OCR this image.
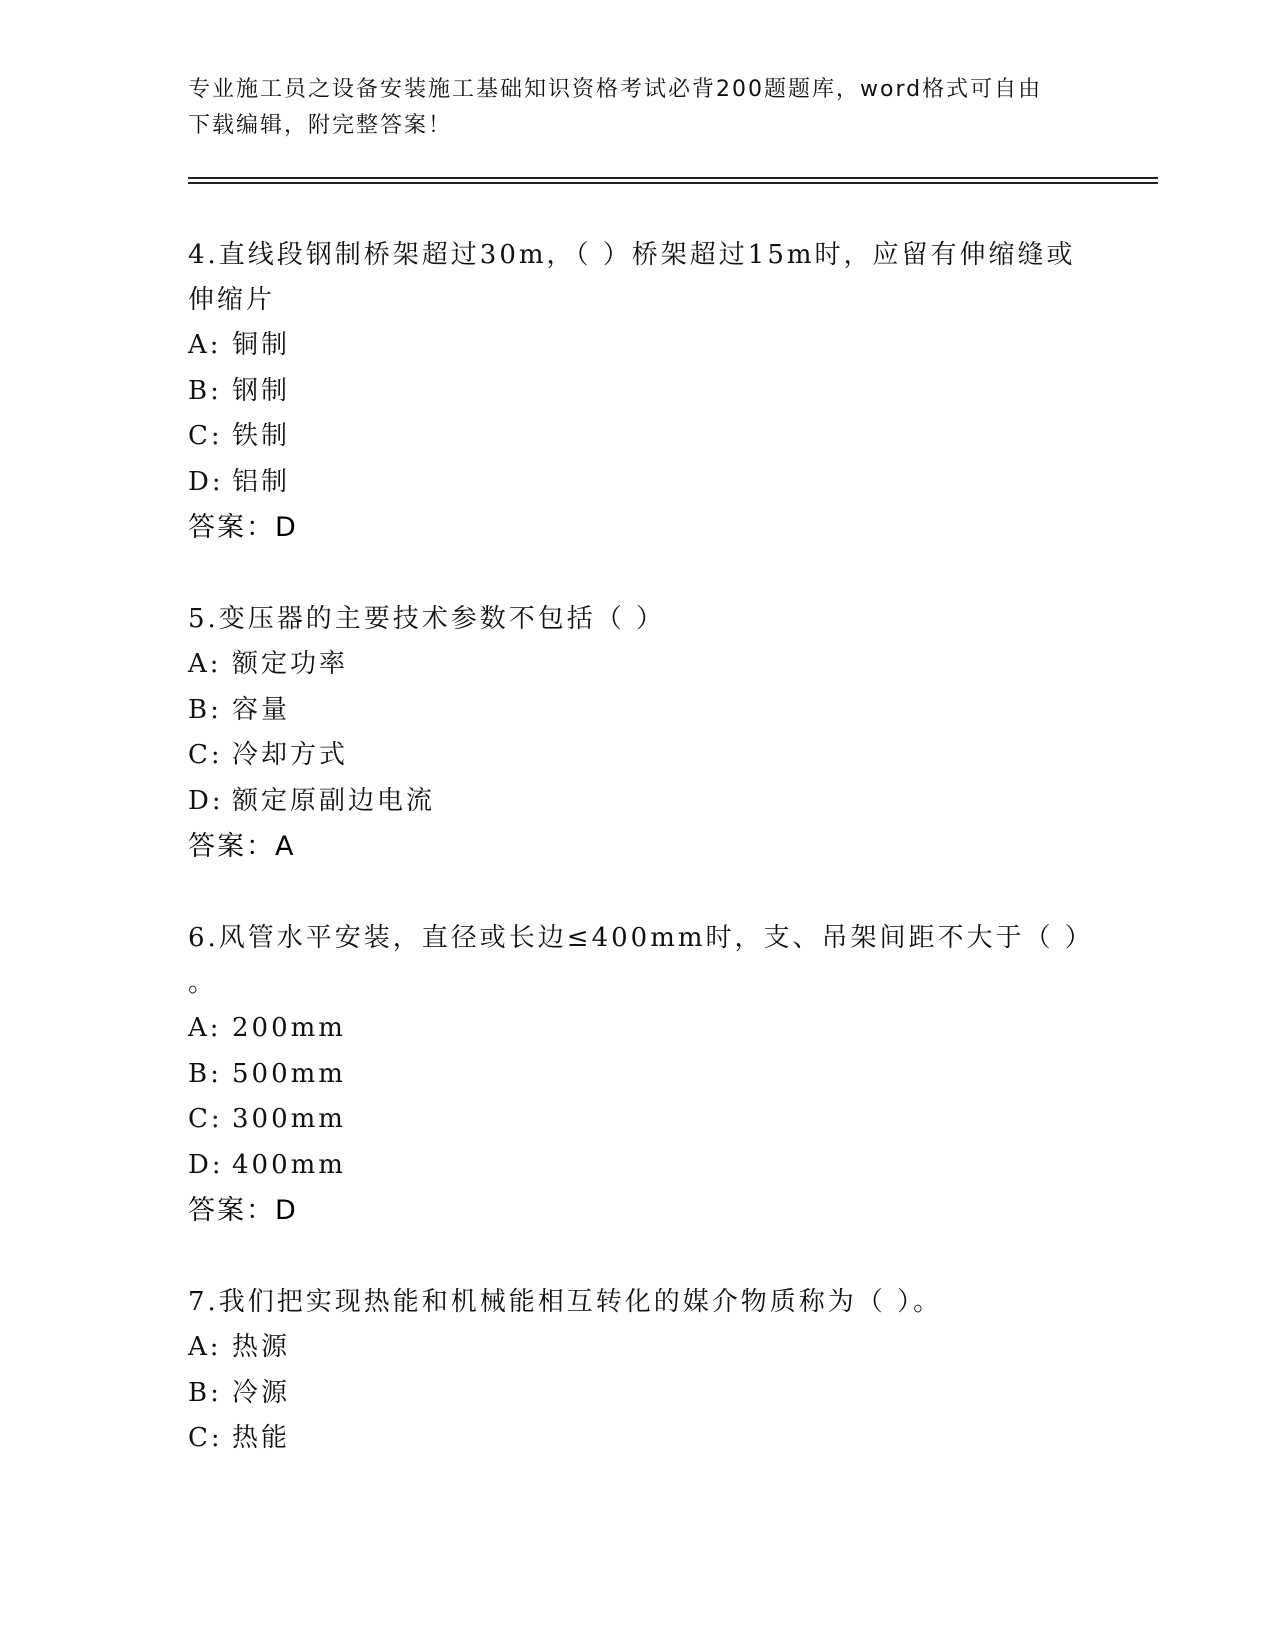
专业施工员之设备安装施工基础知识资格考试必背200题题库，word格式可自由
下载编辑，附完整答案！
4.直线段钢制桥架超过30m，（ ）桥架超过15m时，应留有伸缩缝或
伸缩片
A: 铜制
B: 钢制
C: 铁制
D: 铝制
答案：D
5.变压器的主要技术参数不包括（ ）
A: 额定功率
B: 容量
C: 冷却方式
D: 额定原副边电流
答案：A
6.风管水平安装，直径或长边≤400mm时，支、吊架间距不大于（ ）
。
A: 200mm
B: 500mm
C: 300mm
D: 400mm
答案：D
7.我们把实现热能和机械能相互转化的媒介物质称为（ ）。
A: 热源
B: 冷源
C: 热能
